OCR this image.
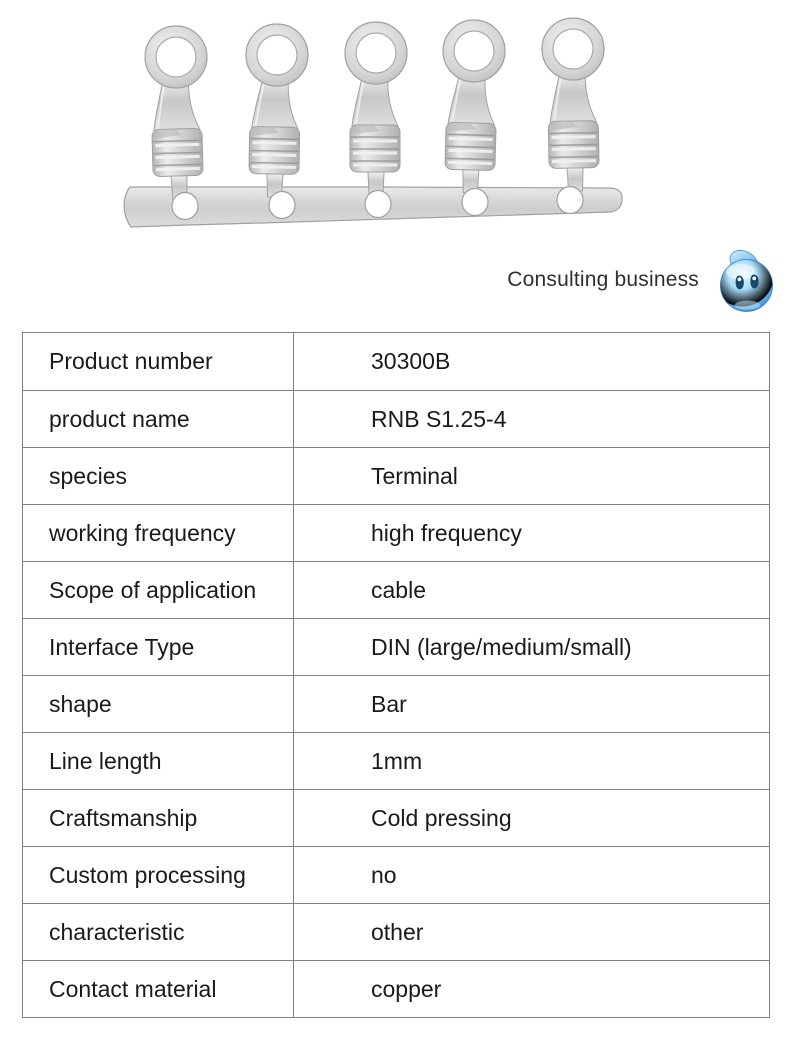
Consulting business
Product number	30300B
product name	RNB S1.25-4
species	Terminal
working frequency	high frequency
Scope of application	cable
Interface Type	DIN (large/medium/small)
shape	Bar
Line length	1mm
Craftsmanship	Cold pressing
Custom processing	no
characteristic	other
Contact material	copper
